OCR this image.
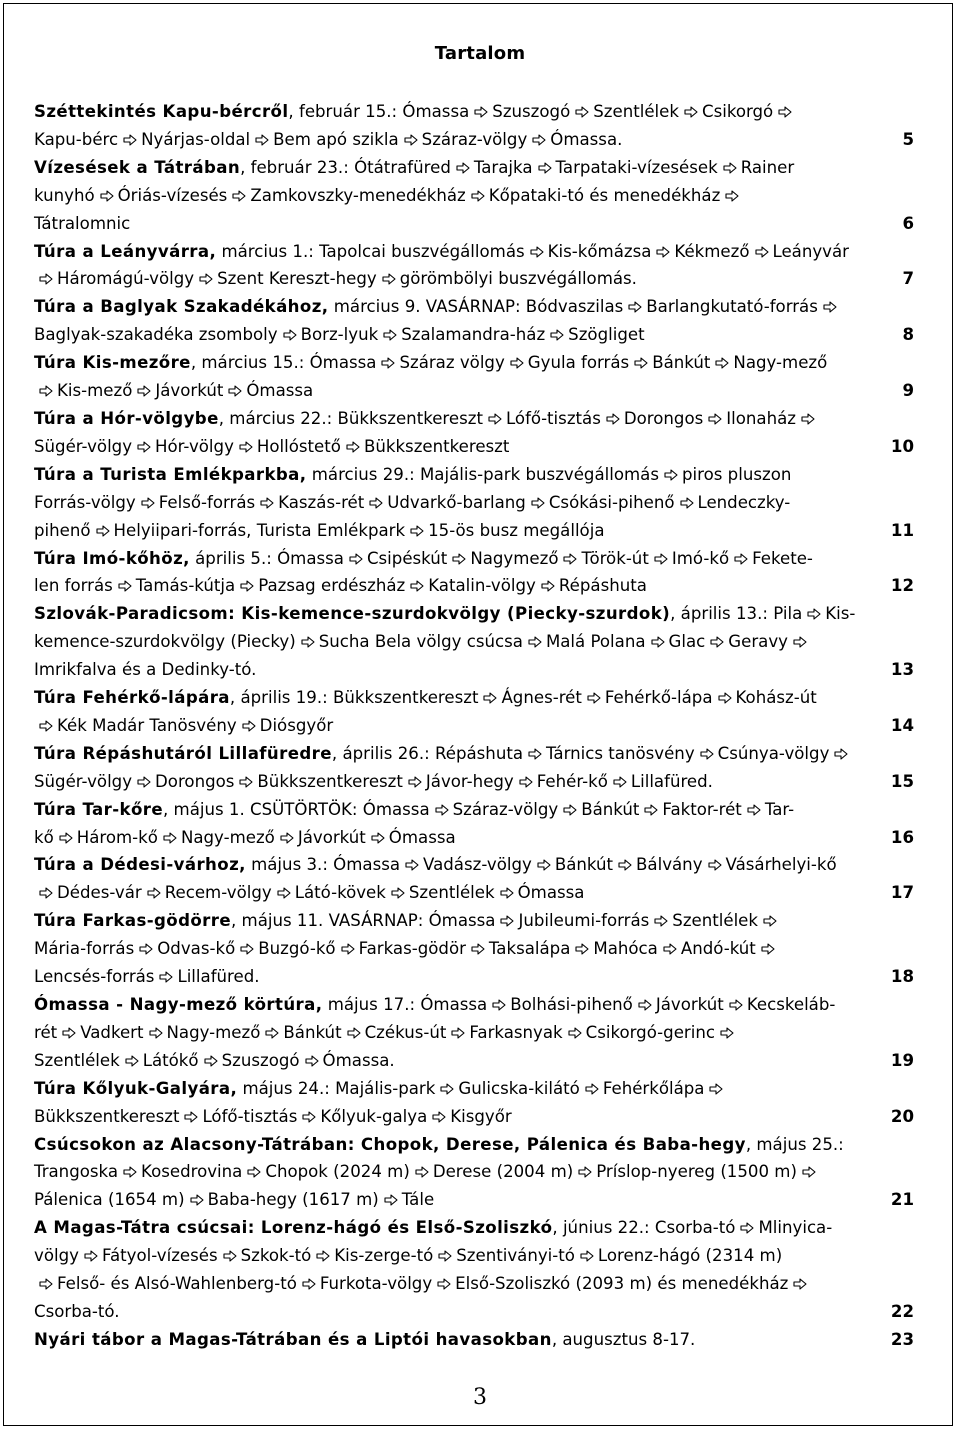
Tartalom
Széttekintés Kapu-bércről, február 15.: Ómassa Szuszogó Szentlélek Csikorgó
Kapu-bérc Nyárjas-oldal Bem apó szikla Száraz-völgy Ómassa.	5
Vízesések a Tátrában, február 23.: Ótátrafüred Tarajka Tarpataki-vízesések Rainer
kunyhó Óriás-vízesés Zamkovszky-menedékház Kőpataki-tó és menedékház
Tátralomnic	6
Túra a Leányvárra, március 1.: Tapolcai buszvégállomás Kis-kőmázsa Kékmező Leányvár
Háromágú-völgy Szent Kereszt-hegy görömbölyi buszvégállomás.	7
Túra a Baglyak Szakadékához, március 9. VASÁRNAP: Bódvaszilas Barlangkutató-forrás
Baglyak-szakadéka zsomboly Borz-lyuk Szalamandra-ház Szögliget	8
Túra Kis-mezőre, március 15.: Ómassa Száraz völgy Gyula forrás Bánkút Nagy-mező
Kis-mező Jávorkút Ómassa	9
Túra a Hór-völgybe, március 22.: Bükkszentkereszt Lófő-tisztás Dorongos Ilonaház
Sügér-völgy Hór-völgy Hollóstető Bükkszentkereszt	10
Túra a Turista Emlékparkba, március 29.: Majális-park buszvégállomás piros pluszon
Forrás-völgy Felső-forrás Kaszás-rét Udvarkő-barlang Csókási-pihenő Lendeczky-
pihenő Helyiipari-forrás, Turista Emlékpark 15-ös busz megállója	11
Túra Imó-kőhöz, április 5.: Ómassa Csipéskút Nagymező Török-út Imó-kő Fekete-
len forrás Tamás-kútja Pazsag erdészház Katalin-völgy Répáshuta	12
Szlovák-Paradicsom: Kis-kemence-szurdokvölgy (Piecky-szurdok), április 13.: Pila Kis-
kemence-szurdokvölgy (Piecky) Sucha Bela völgy csúcsa Malá Polana Glac Geravy
Imrikfalva és a Dedinky-tó.	13
Túra Fehérkő-lápára, április 19.: Bükkszentkereszt Ágnes-rét Fehérkő-lápa Kohász-út
Kék Madár Tanösvény Diósgyőr	14
Túra Répáshutáról Lillafüredre, április 26.: Répáshuta Tárnics tanösvény Csúnya-völgy
Sügér-völgy Dorongos Bükkszentkereszt Jávor-hegy Fehér-kő Lillafüred.	15
Túra Tar-kőre, május 1. CSÜTÖRTÖK: Ómassa Száraz-völgy Bánkút Faktor-rét Tar-
kő Három-kő Nagy-mező Jávorkút Ómassa	16
Túra a Dédesi-várhoz, május 3.: Ómassa Vadász-völgy Bánkút Bálvány Vásárhelyi-kő
Dédes-vár Recem-völgy Látó-kövek Szentlélek Ómassa	17
Túra Farkas-gödörre, május 11. VASÁRNAP: Ómassa Jubileumi-forrás Szentlélek
Mária-forrás Odvas-kő Buzgó-kő Farkas-gödör Taksalápa Mahóca Andó-kút
Lencsés-forrás Lillafüred.	18
Ómassa - Nagy-mező körtúra, május 17.: Ómassa Bolhási-pihenő Jávorkút Kecskeláb-
rét Vadkert Nagy-mező Bánkút Czékus-út Farkasnyak Csikorgó-gerinc
Szentlélek Látókő Szuszogó Ómassa.	19
Túra Kőlyuk-Galyára, május 24.: Majális-park Gulicska-kilátó Fehérkőlápa
Bükkszentkereszt Lófő-tisztás Kőlyuk-galya Kisgyőr	20
Csúcsokon az Alacsony-Tátrában: Chopok, Derese, Pálenica és Baba-hegy, május 25.:
Trangoska Kosedrovina Chopok (2024 m) Derese (2004 m) Príslop-nyereg (1500 m)
Pálenica (1654 m) Baba-hegy (1617 m) Tále	21
A Magas-Tátra csúcsai: Lorenz-hágó és Első-Szoliszkó, június 22.: Csorba-tó Mlinyica-
völgy Fátyol-vízesés Szkok-tó Kis-zerge-tó Szentiványi-tó Lorenz-hágó (2314 m)
Felső- és Alsó-Wahlenberg-tó Furkota-völgy Első-Szoliszkó (2093 m) és menedékház
Csorba-tó.	22
Nyári tábor a Magas-Tátrában és a Liptói havasokban, augusztus 8-17.	23
3
